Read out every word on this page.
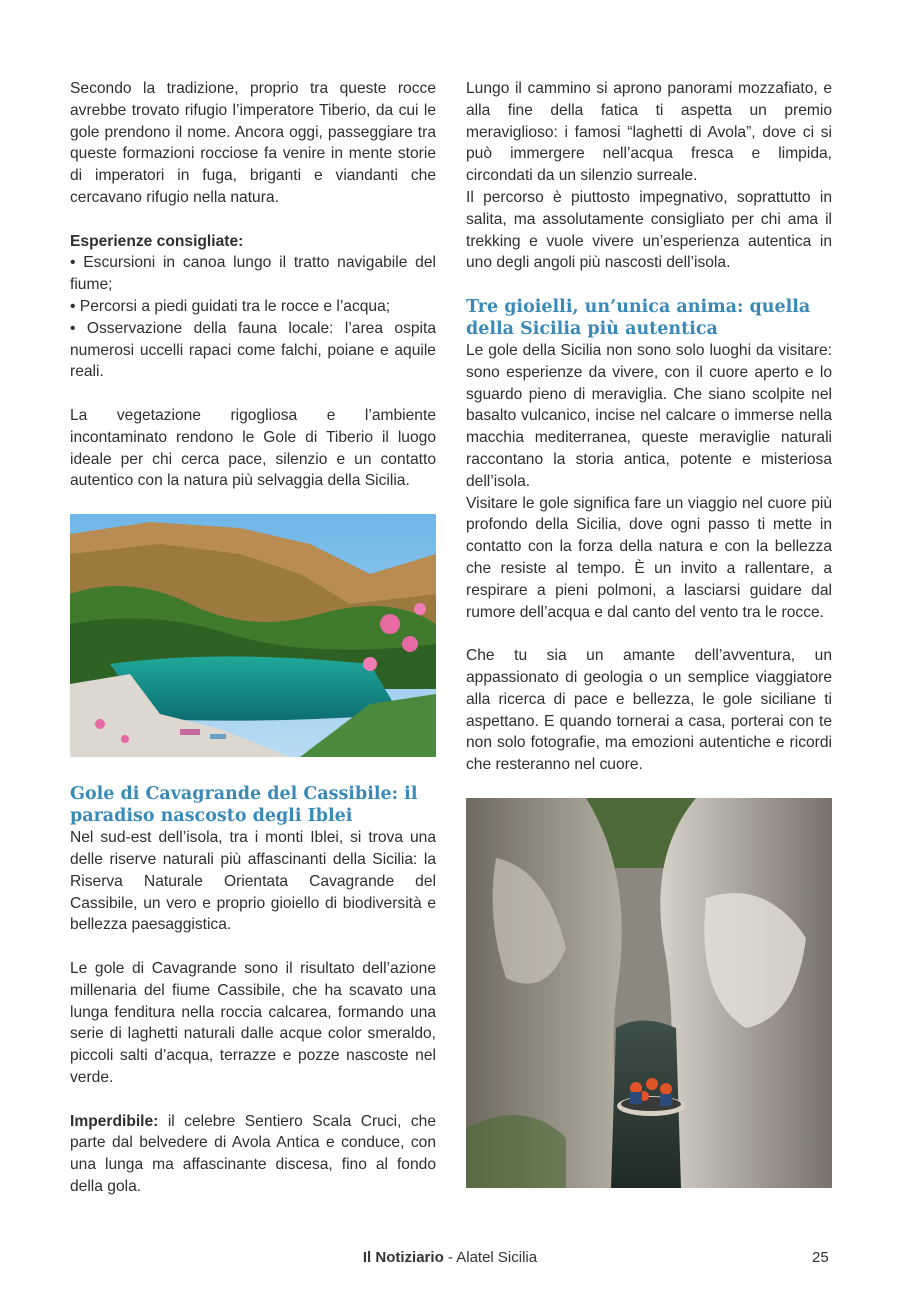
Secondo la tradizione, proprio tra queste rocce avrebbe trovato rifugio l’imperatore Tiberio, da cui le gole prendono il nome. Ancora oggi, passeggiare tra queste formazioni rocciose fa venire in mente storie di imperatori in fuga, briganti e viandanti che cercavano rifugio nella natura.

Esperienze consigliate:

• Escursioni in canoa lungo il tratto navigabile del fiume;

• Percorsi a piedi guidati tra le rocce e l’acqua;

• Osservazione della fauna locale: l’area ospita numerosi uccelli rapaci come falchi, poiane e aquile reali.

La vegetazione rigogliosa e l’ambiente incontaminato rendono le Gole di Tiberio il luogo ideale per chi cerca pace, silenzio e un contatto autentico con la natura più selvaggia della Sicilia.

Gole di Cavagrande del Cassibile: il paradiso nascosto degli Iblei

Nel sud-est dell’isola, tra i monti Iblei, si trova una delle riserve naturali più affascinanti della Sicilia: la Riserva Naturale Orientata Cavagrande del Cassibile, un vero e proprio gioiello di biodiversità e bellezza paesaggistica.

Le gole di Cavagrande sono il risultato dell’azione millenaria del fiume Cassibile, che ha scavato una lunga fenditura nella roccia calcarea, formando una serie di laghetti naturali dalle acque color smeraldo, piccoli salti d’acqua, terrazze e pozze nascoste nel verde.

Imperdibile: il celebre Sentiero Scala Cruci, che parte dal belvedere di Avola Antica e conduce, con una lunga ma affascinante discesa, fino al fondo della gola.

Lungo il cammino si aprono panorami mozzafiato, e alla fine della fatica ti aspetta un premio meraviglioso: i famosi “laghetti di Avola”, dove ci si può immergere nell’acqua fresca e limpida, circondati da un silenzio surreale.

Il percorso è piuttosto impegnativo, soprattutto in salita, ma assolutamente consigliato per chi ama il trekking e vuole vivere un’esperienza autentica in uno degli angoli più nascosti dell’isola.

Tre gioielli, un’unica anima: quella della Sicilia più autentica

Le gole della Sicilia non sono solo luoghi da visitare: sono esperienze da vivere, con il cuore aperto e lo sguardo pieno di meraviglia. Che siano scolpite nel basalto vulcanico, incise nel calcare o immerse nella macchia mediterranea, queste meraviglie naturali raccontano la storia antica, potente e misteriosa dell’isola.

Visitare le gole significa fare un viaggio nel cuore più profondo della Sicilia, dove ogni passo ti mette in contatto con la forza della natura e con la bellezza che resiste al tempo. È un invito a rallentare, a respirare a pieni polmoni, a lasciarsi guidare dal rumore dell’acqua e dal canto del vento tra le rocce.

Che tu sia un amante dell’avventura, un appassionato di geologia o un semplice viaggiatore alla ricerca di pace e bellezza, le gole siciliane ti aspettano. E quando tornerai a casa, porterai con te non solo fotografie, ma emozioni autentiche e ricordi che resteranno nel cuore.

Il Notiziario - Alatel Sicilia	25
